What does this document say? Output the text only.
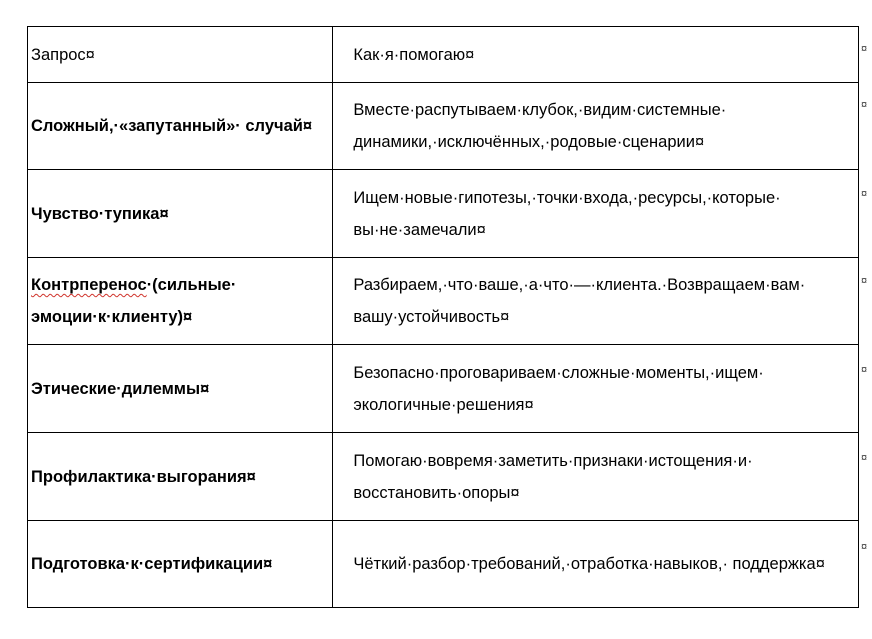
Запрос¤	Как·я·помогаю¤
Сложный,·«запутанный»· случай¤	Вместе·распутываем·клубок,·видим·системные· динамики,·исключённых,·родовые·сценарии¤
Чувство·тупика¤	Ищем·новые·гипотезы,·точки·входа,·ресурсы,·которые· вы·не·замечали¤
Контрперенос·(сильные· эмоции·к·клиенту)¤	Разбираем,·что·ваше,·а·что·—·клиента.·Возвращаем·вам· вашу·устойчивость¤
Этические·дилеммы¤	Безопасно·проговариваем·сложные·моменты,·ищем· экологичные·решения¤
Профилактика·выгорания¤	Помогаю·вовремя·заметить·признаки·истощения·и· восстановить·опоры¤
Подготовка·к·сертификации¤	Чёткий·разбор·требований,·отработка·навыков,· поддержка¤
¤
¤
¤
¤
¤
¤
¤
